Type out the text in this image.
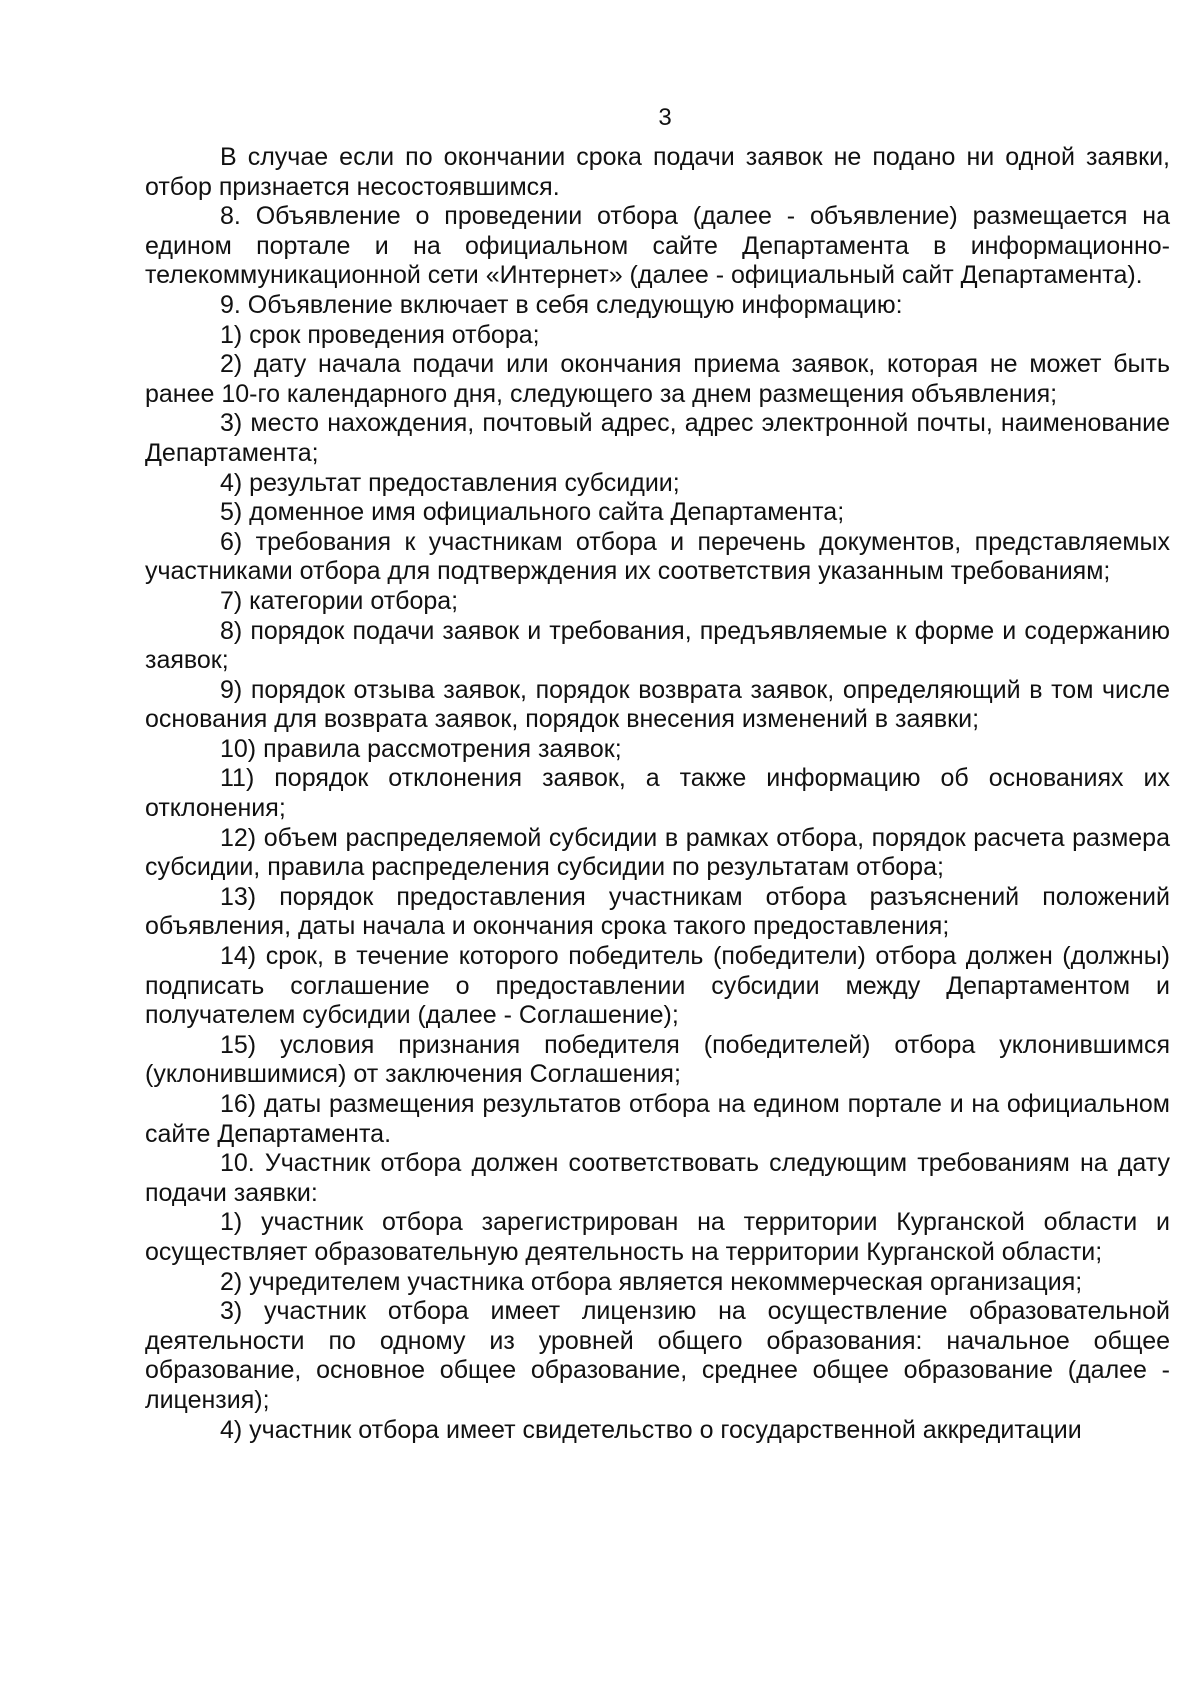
3

В случае если по окончании срока подачи заявок не подано ни одной заявки, отбор признается несостоявшимся.

8. Объявление о проведении отбора (далее - объявление) размещается на едином портале и на официальном сайте Департамента в информационно-телекоммуникационной сети «Интернет» (далее - официальный сайт Департамента).

9. Объявление включает в себя следующую информацию:

1) срок проведения отбора;

2) дату начала подачи или окончания приема заявок, которая не может быть ранее 10-го календарного дня, следующего за днем размещения объявления;

3) место нахождения, почтовый адрес, адрес электронной почты, наименование Департамента;

4) результат предоставления субсидии;

5) доменное имя официального сайта Департамента;

6) требования к участникам отбора и перечень документов, представляемых участниками отбора для подтверждения их соответствия указанным требованиям;

7) категории отбора;

8) порядок подачи заявок и требования, предъявляемые к форме и содержанию заявок;

9) порядок отзыва заявок, порядок возврата заявок, определяющий в том числе основания для возврата заявок, порядок внесения изменений в заявки;

10) правила рассмотрения заявок;

11) порядок отклонения заявок, а также информацию об основаниях их отклонения;

12) объем распределяемой субсидии в рамках отбора, порядок расчета размера субсидии, правила распределения субсидии по результатам отбора;

13) порядок предоставления участникам отбора разъяснений положений объявления, даты начала и окончания срока такого предоставления;

14) срок, в течение которого победитель (победители) отбора должен (должны) подписать соглашение о предоставлении субсидии между Департаментом и получателем субсидии (далее - Соглашение);

15) условия признания победителя (победителей) отбора уклонившимся (уклонившимися) от заключения Соглашения;

16) даты размещения результатов отбора на едином портале и на официальном сайте Департамента.

10. Участник отбора должен соответствовать следующим требованиям на дату подачи заявки:

1) участник отбора зарегистрирован на территории Курганской области и осуществляет образовательную деятельность на территории Курганской области;

2) учредителем участника отбора является некоммерческая организация;

3) участник отбора имеет лицензию на осуществление образовательной деятельности по одному из уровней общего образования: начальное общее образование, основное общее образование, среднее общее образование (далее - лицензия);

4) участник отбора имеет свидетельство о государственной аккредитации
